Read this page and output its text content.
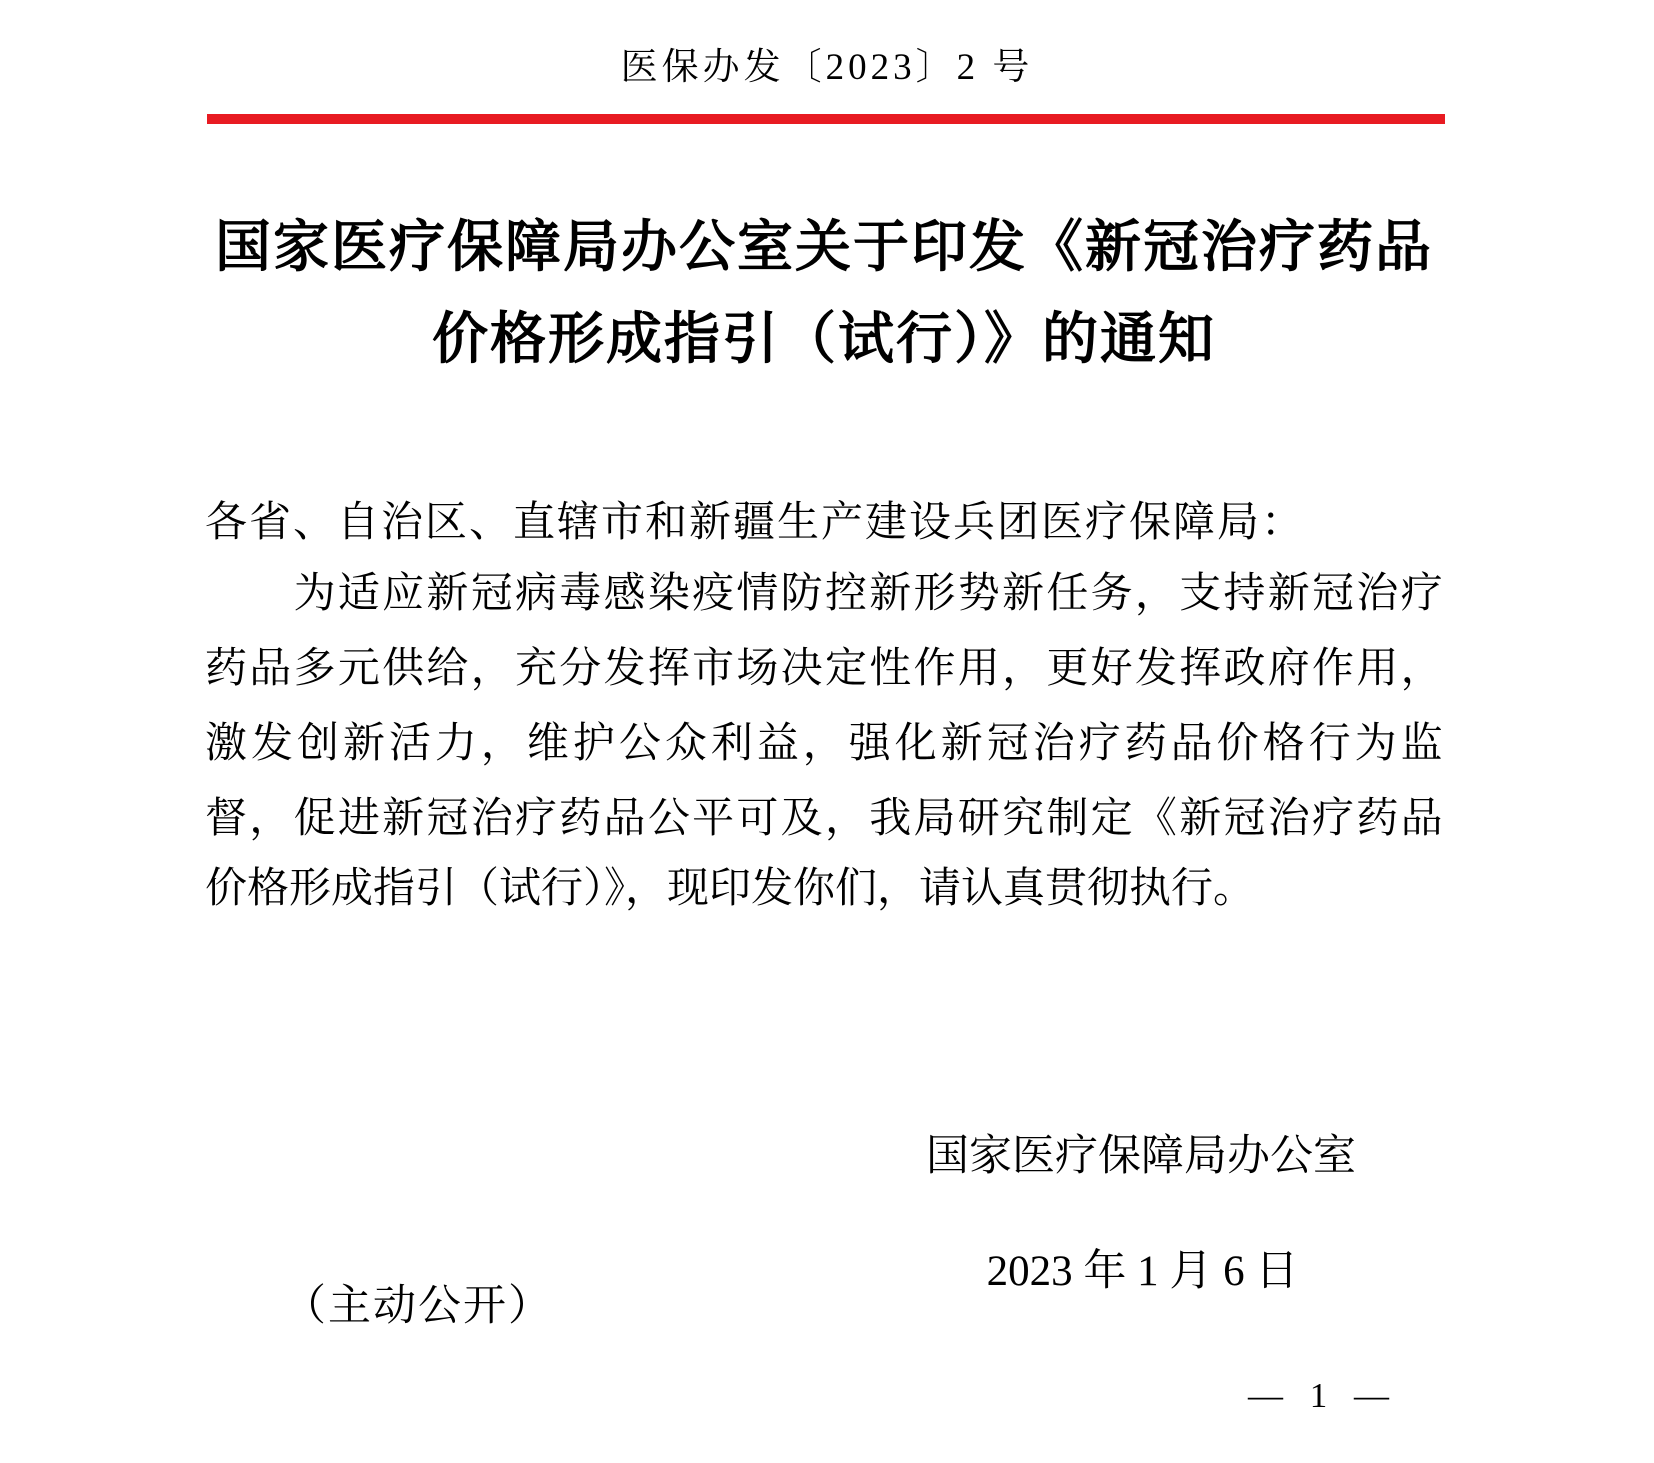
医保办发〔2023〕2 号
国家医疗保障局办公室关于印发《新冠治疗药品
价格形成指引（试行）》的通知
各省、自治区、直辖市和新疆生产建设兵团医疗保障局：

为 适 应 新 冠 病 毒 感 染 疫 情 防 控 新 形 势 新 任 务 ， 支 持 新 冠 治 疗
药 品 多 元 供 给 ， 充 分 发 挥 市 场 决 定 性 作 用 ， 更 好 发 挥 政 府 作 用 ，
激 发 创 新 活 力 ， 维 护 公 众 利 益 ， 强 化 新 冠 治 疗 药 品 价 格 行 为 监
督 ， 促 进 新 冠 治 疗 药 品 公 平 可 及 ， 我 局 研 究 制 定 《 新 冠 治 疗 药 品
价格形成指引（试行）》，现印发你们，请认真贯彻执行。
国家医疗保障局办公室
2023 年 1 月 6 日
（主动公开）
— 1 —
